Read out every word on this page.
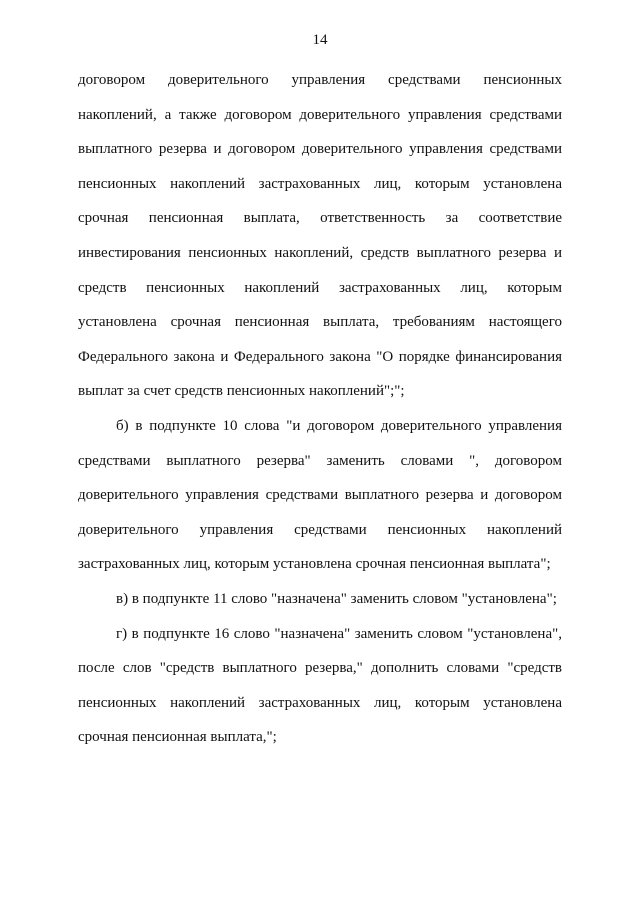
14

договором доверительного управления средствами пенсионных накоплений, а также договором доверительного управления средствами выплатного резерва и договором доверительного управления средствами пенсионных накоплений застрахованных лиц, которым установлена срочная пенсионная выплата, ответственность за соответствие инвестирования пенсионных накоплений, средств выплатного резерва и средств пенсионных накоплений застрахованных лиц, которым установлена срочная пенсионная выплата, требованиям настоящего Федерального закона и Федерального закона "О порядке финансирования выплат за счет средств пенсионных накоплений";";

б) в подпункте 10 слова "и договором доверительного управления средствами выплатного резерва" заменить словами ", договором доверительного управления средствами выплатного резерва и договором доверительного управления средствами пенсионных накоплений застрахованных лиц, которым установлена срочная пенсионная выплата";

в) в подпункте 11 слово "назначена" заменить словом "установлена";

г) в подпункте 16 слово "назначена" заменить словом "установлена", после слов "средств выплатного резерва," дополнить словами "средств пенсионных накоплений застрахованных лиц, которым установлена срочная пенсионная выплата,";
